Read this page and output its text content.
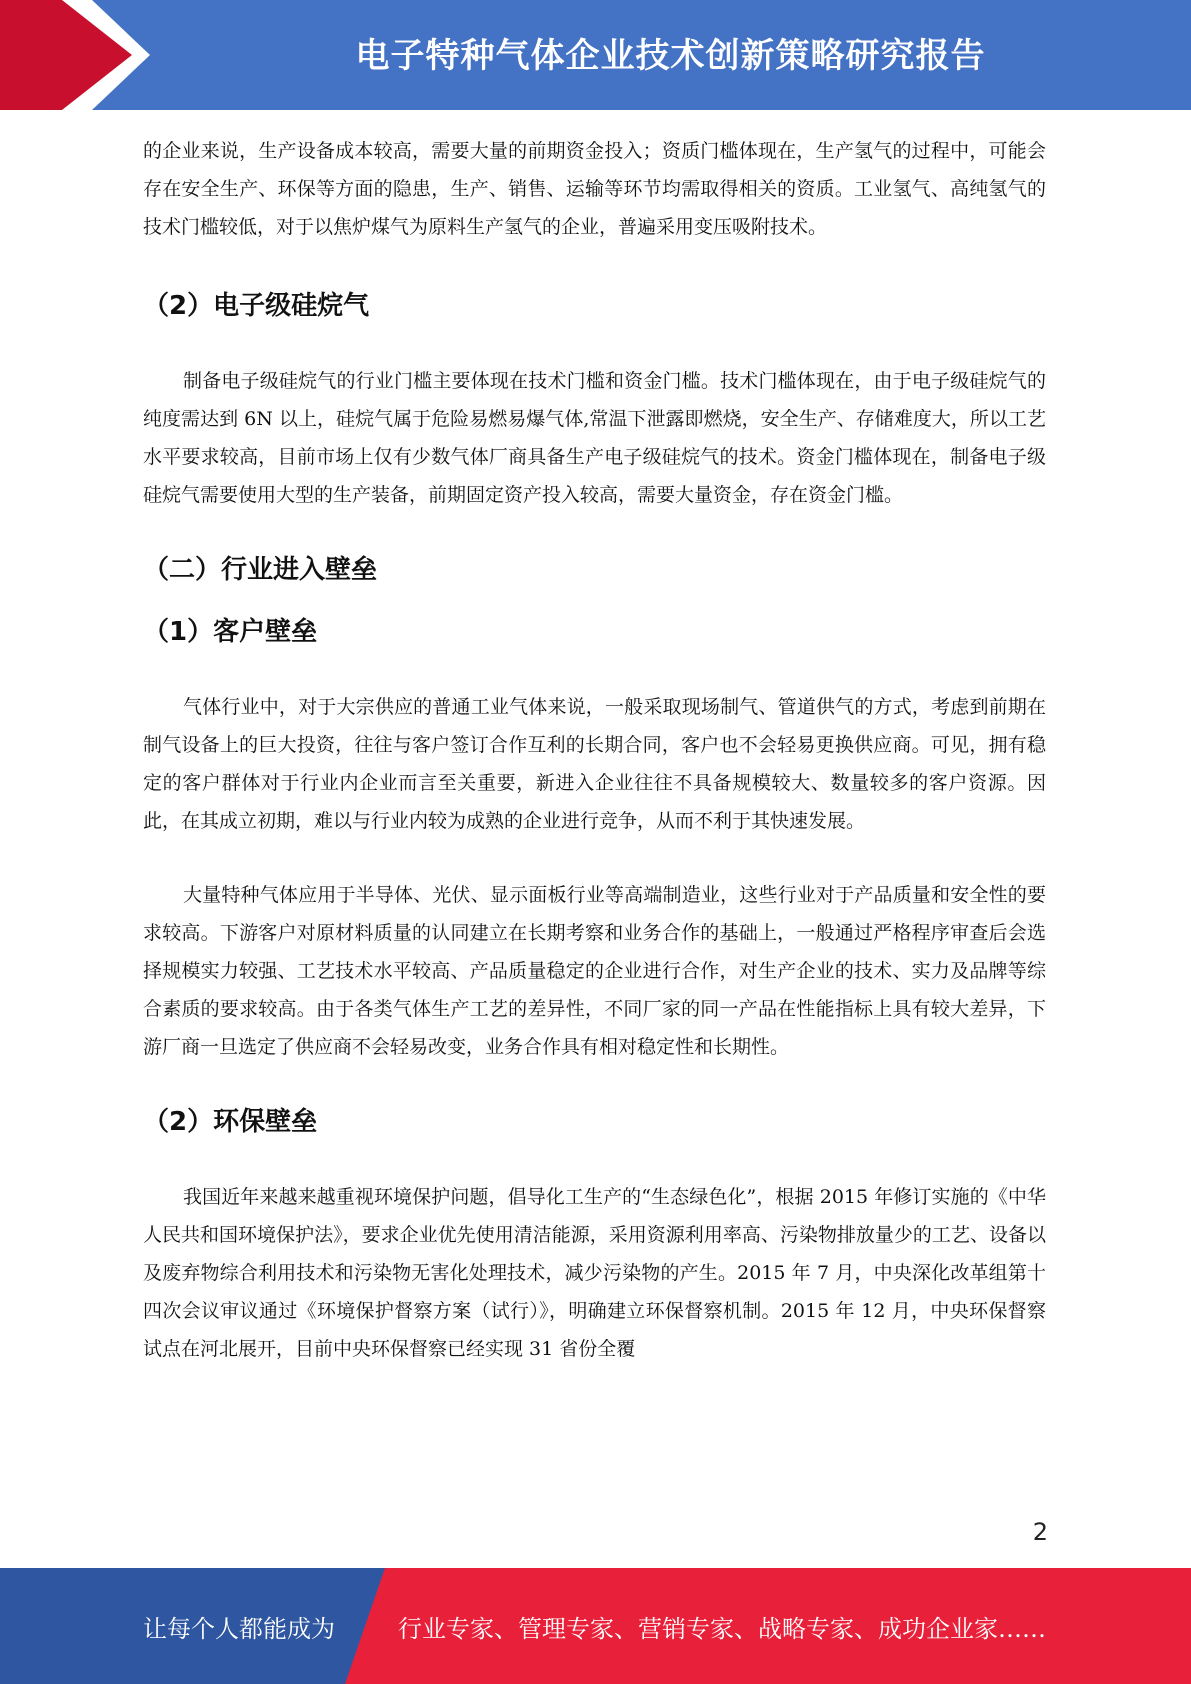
电子特种气体企业技术创新策略研究报告

的企业来说，生产设备成本较高，需要大量的前期资金投入；资质门槛体现在，生产氢气的过程中，可能会存在安全生产、环保等方面的隐患，生产、销售、运输等环节均需取得相关的资质。工业氢气、高纯氢气的技术门槛较低，对于以焦炉煤气为原料生产氢气的企业，普遍采用变压吸附技术。

（2）电子级硅烷气

制备电子级硅烷气的行业门槛主要体现在技术门槛和资金门槛。技术门槛体现在，由于电子级硅烷气的纯度需达到 6N 以上，硅烷气属于危险易燃易爆气体,常温下泄露即燃烧，安全生产、存储难度大，所以工艺水平要求较高，目前市场上仅有少数气体厂商具备生产电子级硅烷气的技术。资金门槛体现在，制备电子级硅烷气需要使用大型的生产装备，前期固定资产投入较高，需要大量资金，存在资金门槛。

（二）行业进入壁垒
（1）客户壁垒

气体行业中，对于大宗供应的普通工业气体来说，一般采取现场制气、管道供气的方式，考虑到前期在制气设备上的巨大投资，往往与客户签订合作互利的长期合同，客户也不会轻易更换供应商。可见，拥有稳定的客户群体对于行业内企业而言至关重要，新进入企业往往不具备规模较大、数量较多的客户资源。因此，在其成立初期，难以与行业内较为成熟的企业进行竞争，从而不利于其快速发展。

大量特种气体应用于半导体、光伏、显示面板行业等高端制造业，这些行业对于产品质量和安全性的要求较高。下游客户对原材料质量的认同建立在长期考察和业务合作的基础上，一般通过严格程序审查后会选择规模实力较强、工艺技术水平较高、产品质量稳定的企业进行合作，对生产企业的技术、实力及品牌等综合素质的要求较高。由于各类气体生产工艺的差异性，不同厂家的同一产品在性能指标上具有较大差异，下游厂商一旦选定了供应商不会轻易改变，业务合作具有相对稳定性和长期性。

（2）环保壁垒

我国近年来越来越重视环境保护问题，倡导化工生产的“生态绿色化”，根据 2015 年修订实施的《中华人民共和国环境保护法》，要求企业优先使用清洁能源，采用资源利用率高、污染物排放量少的工艺、设备以及废弃物综合利用技术和污染物无害化处理技术，减少污染物的产生。2015 年 7 月，中央深化改革组第十四次会议审议通过《环境保护督察方案（试行）》，明确建立环保督察机制。2015 年 12 月，中央环保督察试点在河北展开，目前中央环保督察已经实现 31 省份全覆

2
让每个人都能成为	行业专家、管理专家、营销专家、战略专家、成功企业家……
